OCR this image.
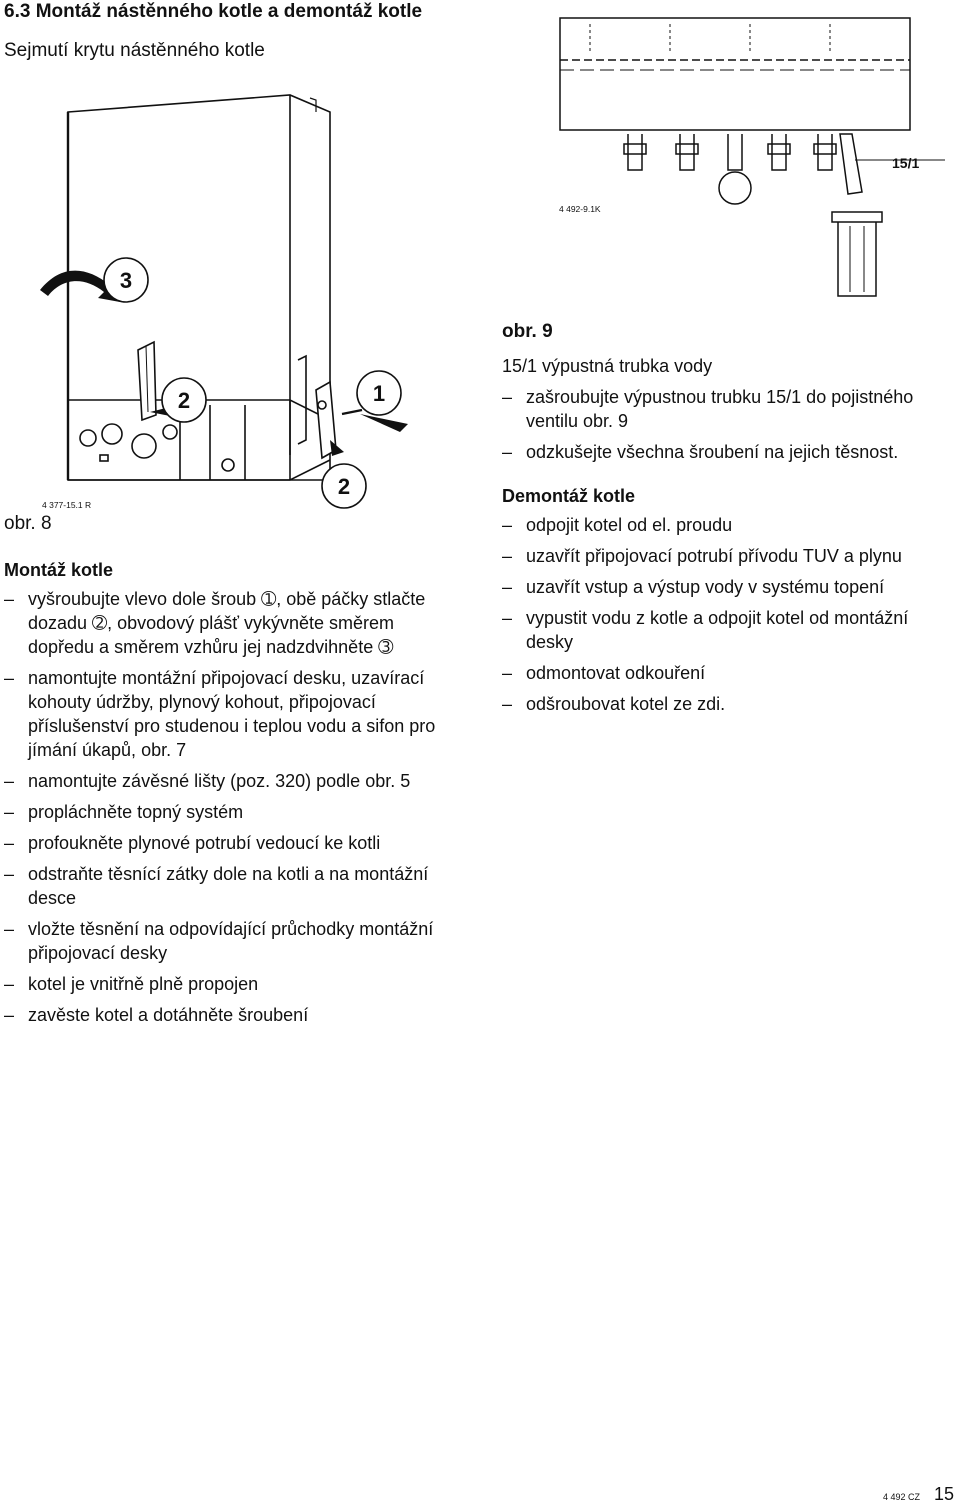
6.3 Montáž nástěnného kotle a demontáž kotle
Sejmutí krytu nástěnného kotle
3
2	1
2
4 377-15.1 R
obr. 8
15/1
4 492-9.1K
obr. 9
15/1 výpustná trubka vody
– zašroubujte výpustnou trubku 15/1 do pojistného ventilu obr. 9
– odzkušejte všechna šroubení na jejich těsnost.
Demontáž kotle
– odpojit kotel od el. proudu
– uzavřít připojovací potrubí přívodu TUV a plynu
– uzavřít vstup a výstup vody v systému topení
– vypustit vodu z kotle a odpojit kotel od montážní desky
– odmontovat odkouření
– odšroubovat kotel ze zdi.
Montáž kotle
– vyšroubujte vlevo dole šroub ➀, obě páčky stlačte dozadu ➁, obvodový plášť vykývněte směrem dopředu a směrem vzhůru jej nadzdvihněte ➂
– namontujte montážní připojovací desku, uzavírací kohouty údržby, plynový kohout, připojovací příslušenství pro studenou i teplou vodu a sifon pro jímání úkapů, obr. 7
– namontujte závěsné lišty (poz. 320) podle obr. 5
– propláchněte topný systém
– profoukněte plynové potrubí vedoucí ke kotli
– odstraňte těsnící zátky dole na kotli a na montážní desce
– vložte těsnění na odpovídající průchodky montážní připojovací desky
– kotel je vnitřně plně propojen
– zavěste kotel a dotáhněte šroubení
4 492 CZ 15
